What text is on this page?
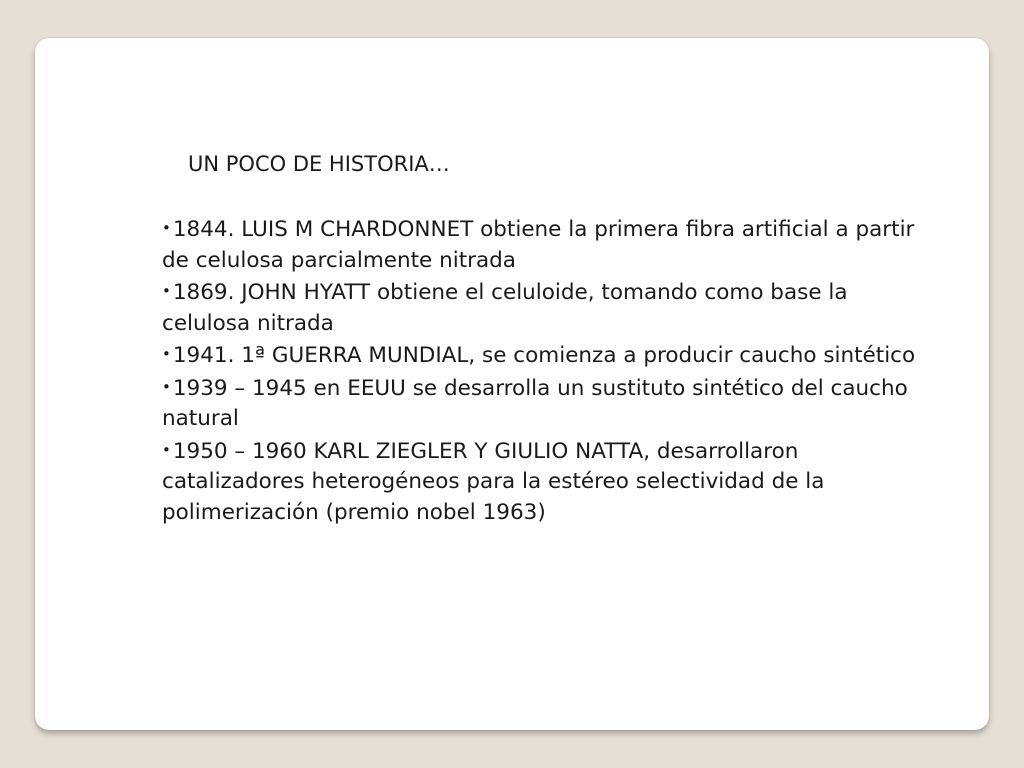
UN POCO DE HISTORIA…
•1844. LUIS M CHARDONNET obtiene la primera fibra artificial a partir de celulosa parcialmente nitrada
•1869. JOHN HYATT obtiene el celuloide, tomando como base la celulosa nitrada
•1941. 1ª GUERRA MUNDIAL, se comienza a producir caucho sintético
•1939 – 1945 en EEUU se desarrolla un sustituto sintético del caucho natural
•1950 – 1960 KARL ZIEGLER Y GIULIO NATTA, desarrollaron catalizadores heterogéneos para la estéreo selectividad de la polimerización (premio nobel 1963)
